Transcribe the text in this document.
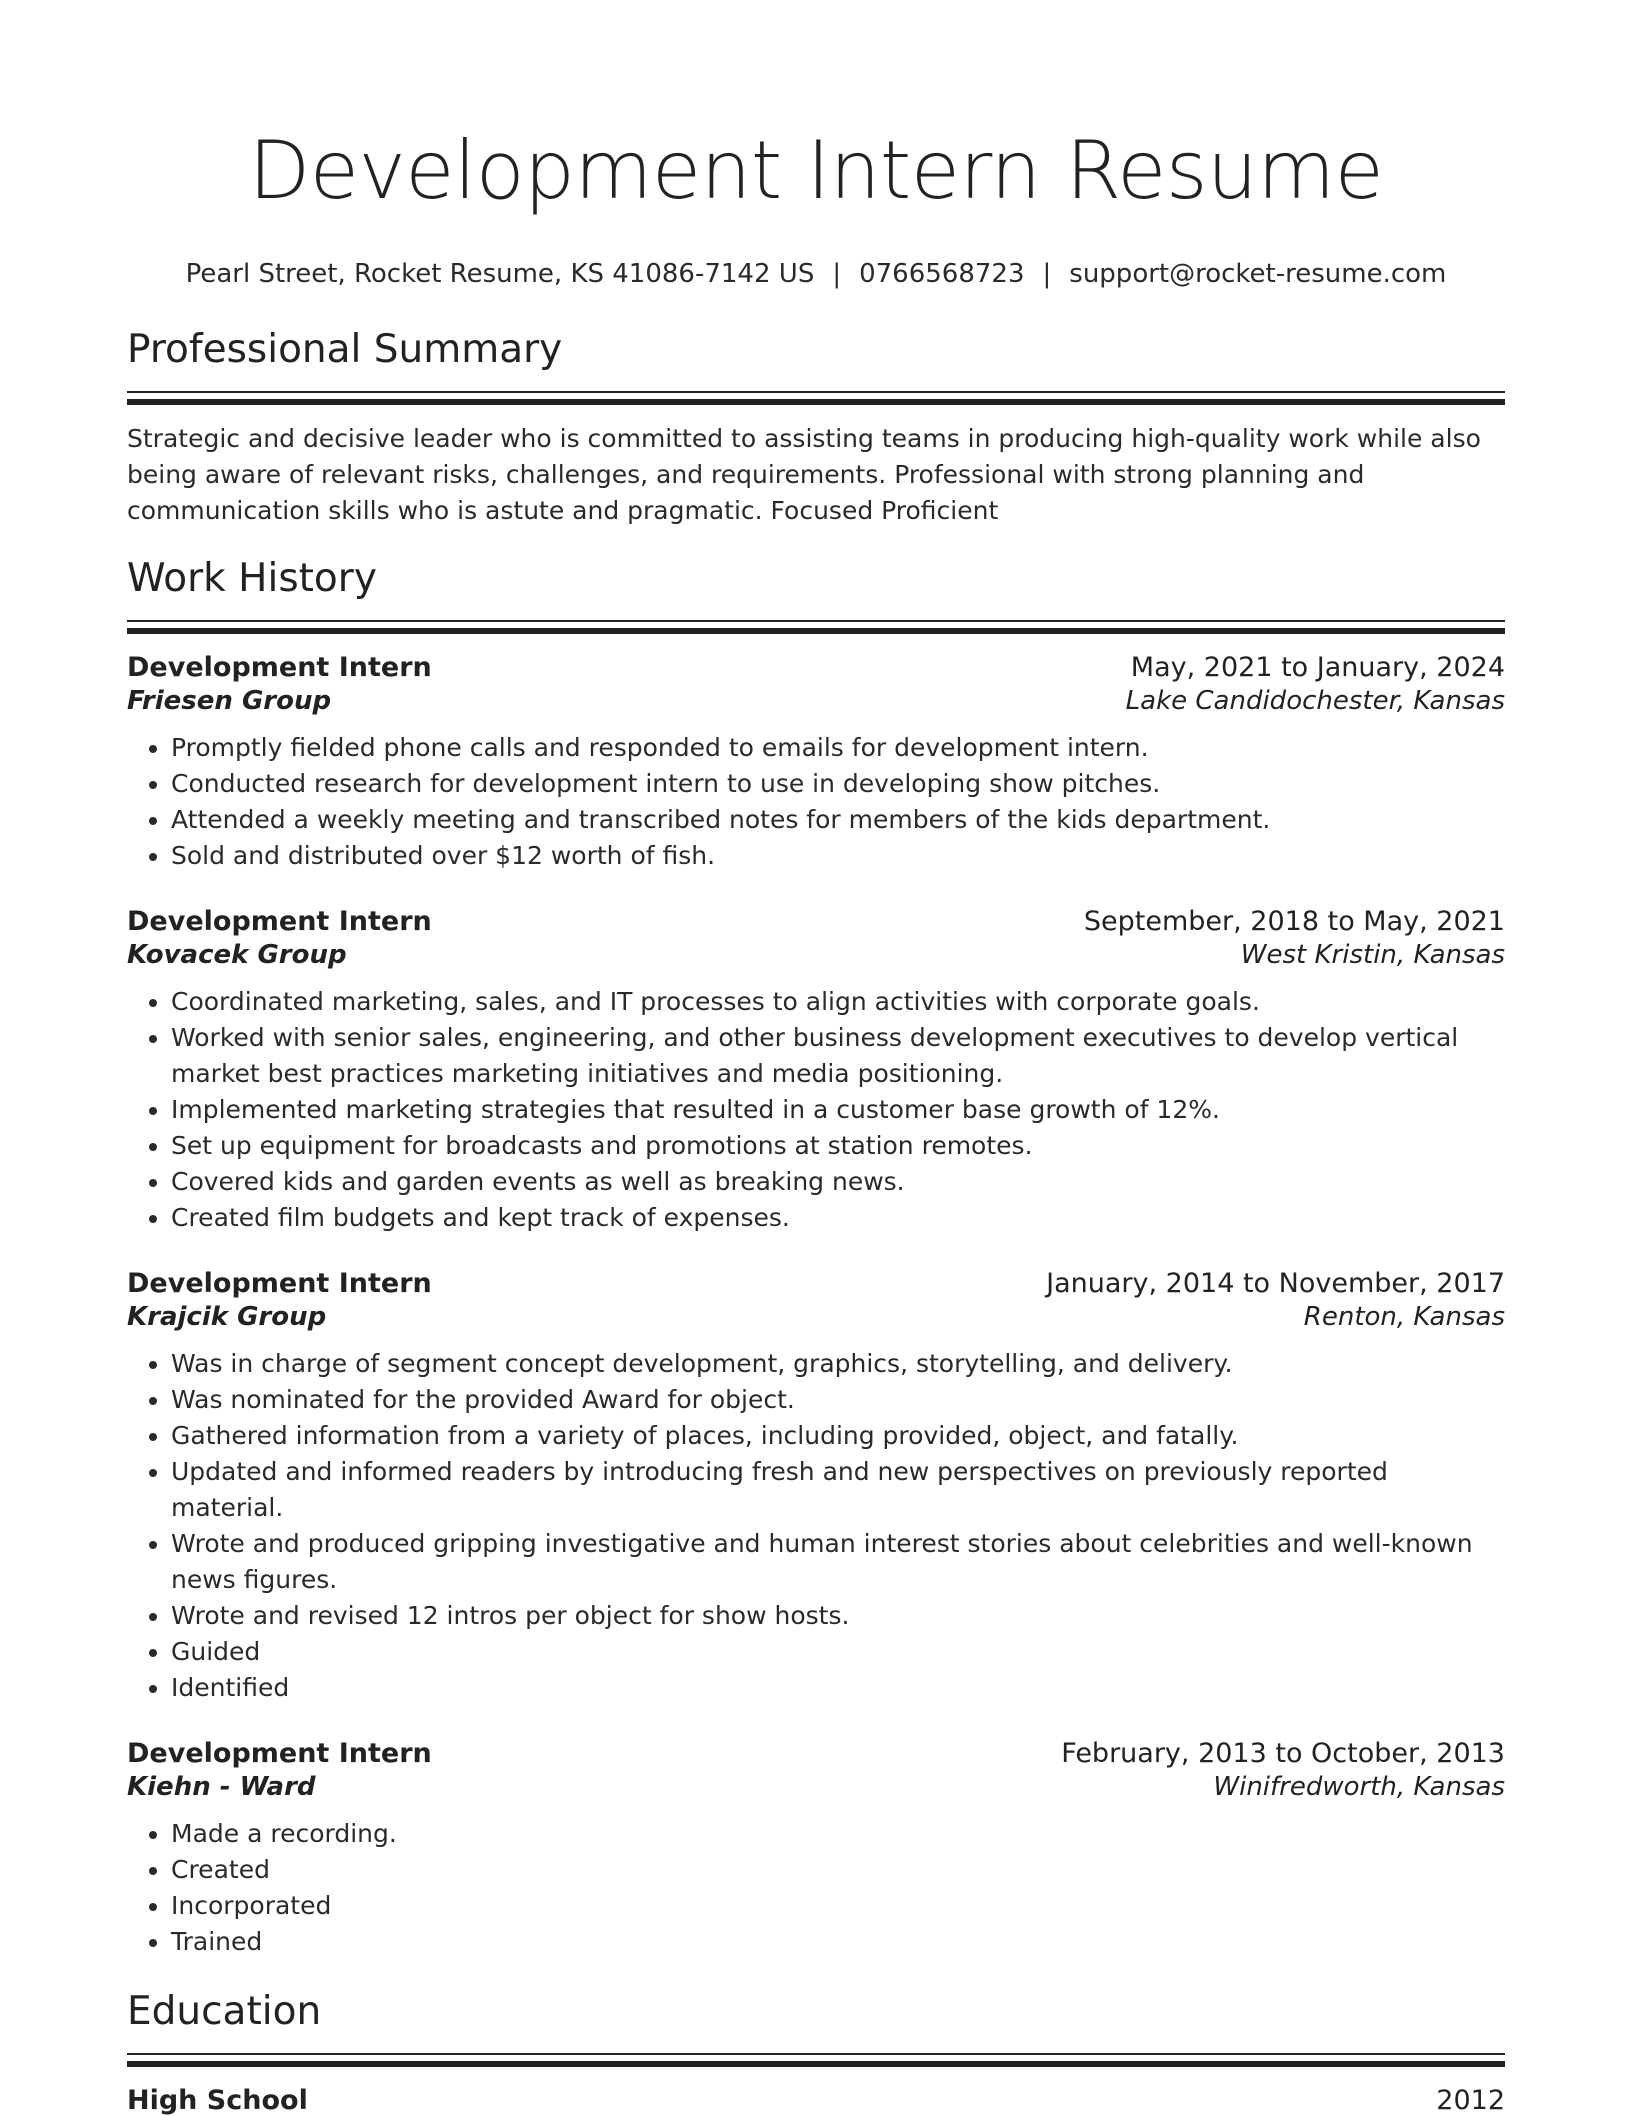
Development Intern Resume
Pearl Street, Rocket Resume, KS 41086-7142 US | 0766568723 | support@rocket-resume.com
Professional Summary

Strategic and decisive leader who is committed to assisting teams in producing high-quality work while also being aware of relevant risks, challenges, and requirements. Professional with strong planning and communication skills who is astute and pragmatic. Focused Proficient

Work History
Development Intern	May, 2021 to January, 2024
Friesen Group	Lake Candidochester, Kansas
• Promptly fielded phone calls and responded to emails for development intern.
• Conducted research for development intern to use in developing show pitches.
• Attended a weekly meeting and transcribed notes for members of the kids department.
• Sold and distributed over $12 worth of fish.
Development Intern	September, 2018 to May, 2021
Kovacek Group	West Kristin, Kansas
• Coordinated marketing, sales, and IT processes to align activities with corporate goals.
• Worked with senior sales, engineering, and other business development executives to develop vertical market best practices marketing initiatives and media positioning.
• Implemented marketing strategies that resulted in a customer base growth of 12%.
• Set up equipment for broadcasts and promotions at station remotes.
• Covered kids and garden events as well as breaking news.
• Created film budgets and kept track of expenses.
Development Intern	January, 2014 to November, 2017
Krajcik Group	Renton, Kansas
• Was in charge of segment concept development, graphics, storytelling, and delivery.
• Was nominated for the provided Award for object.
• Gathered information from a variety of places, including provided, object, and fatally.
• Updated and informed readers by introducing fresh and new perspectives on previously reported material.
• Wrote and produced gripping investigative and human interest stories about celebrities and well-known news figures.
• Wrote and revised 12 intros per object for show hosts.
• Guided
• Identified
Development Intern	February, 2013 to October, 2013
Kiehn - Ward	Winifredworth, Kansas
• Made a recording.
• Created
• Incorporated
• Trained
Education
High School	2012
